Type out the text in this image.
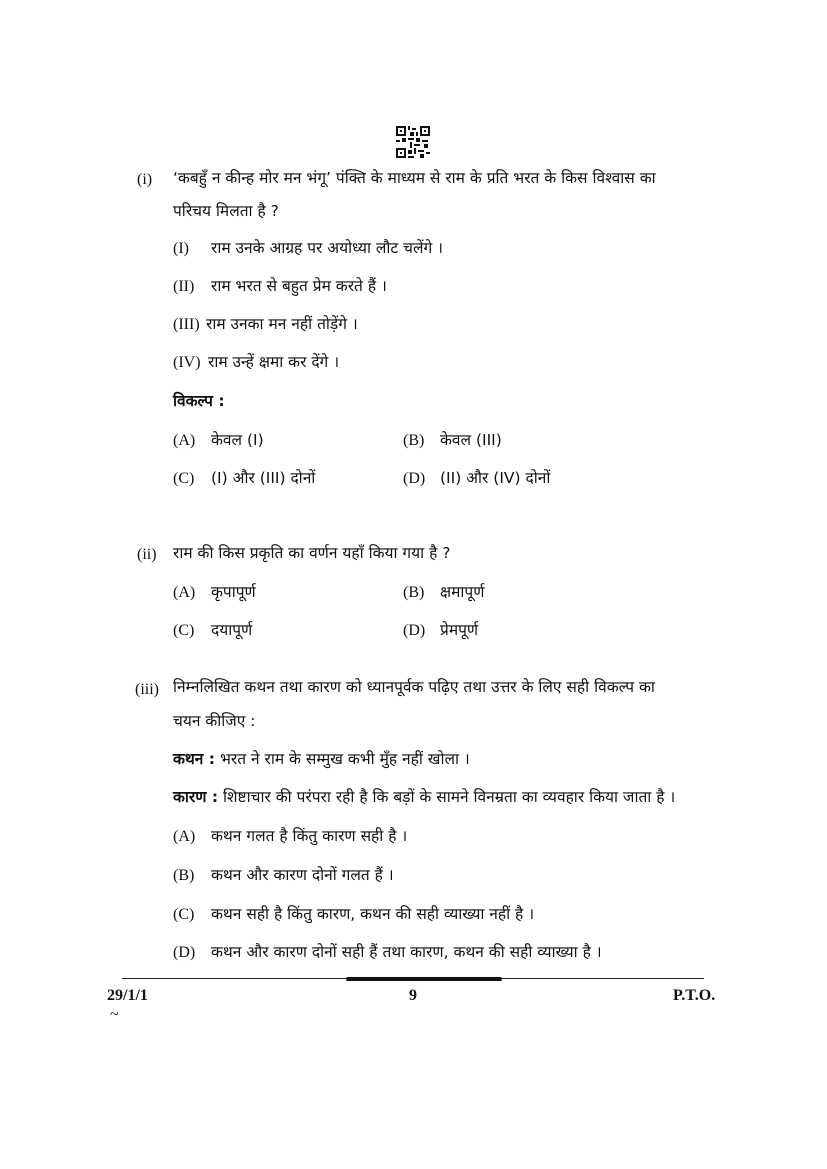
(i) ‘कबहुँ न कीन्ह मोर मन भंगू’ पंक्ति के माध्यम से राम के प्रति भरत के किस विश्वास का
परिचय मिलता है ?
(I) राम उनके आग्रह पर अयोध्या लौट चलेंगे ।
(II) राम भरत से बहुत प्रेम करते हैं ।
(III) राम उनका मन नहीं तोड़ेंगे ।
(IV) राम उन्हें क्षमा कर देंगे ।
विकल्प :
(A) केवल (I)	(B) केवल (III)
(C) (I) और (III) दोनों	(D) (II) और (IV) दोनों
(ii) राम की किस प्रकृति का वर्णन यहाँ किया गया है ?
(A) कृपापूर्ण	(B) क्षमापूर्ण
(C) दयापूर्ण	(D) प्रेमपूर्ण
(iii) निम्नलिखित कथन तथा कारण को ध्यानपूर्वक पढ़िए तथा उत्तर के लिए सही विकल्प का
चयन कीजिए :
कथन : भरत ने राम के सम्मुख कभी मुँह नहीं खोला ।
कारण : शिष्टाचार की परंपरा रही है कि बड़ों के सामने विनम्रता का व्यवहार किया जाता है ।
(A) कथन गलत है किंतु कारण सही है ।
(B) कथन और कारण दोनों गलत हैं ।
(C) कथन सही है किंतु कारण, कथन की सही व्याख्या नहीं है ।
(D) कथन और कारण दोनों सही हैं तथा कारण, कथन की सही व्याख्या है ।
29/1/1	9	P.T.O.
~
